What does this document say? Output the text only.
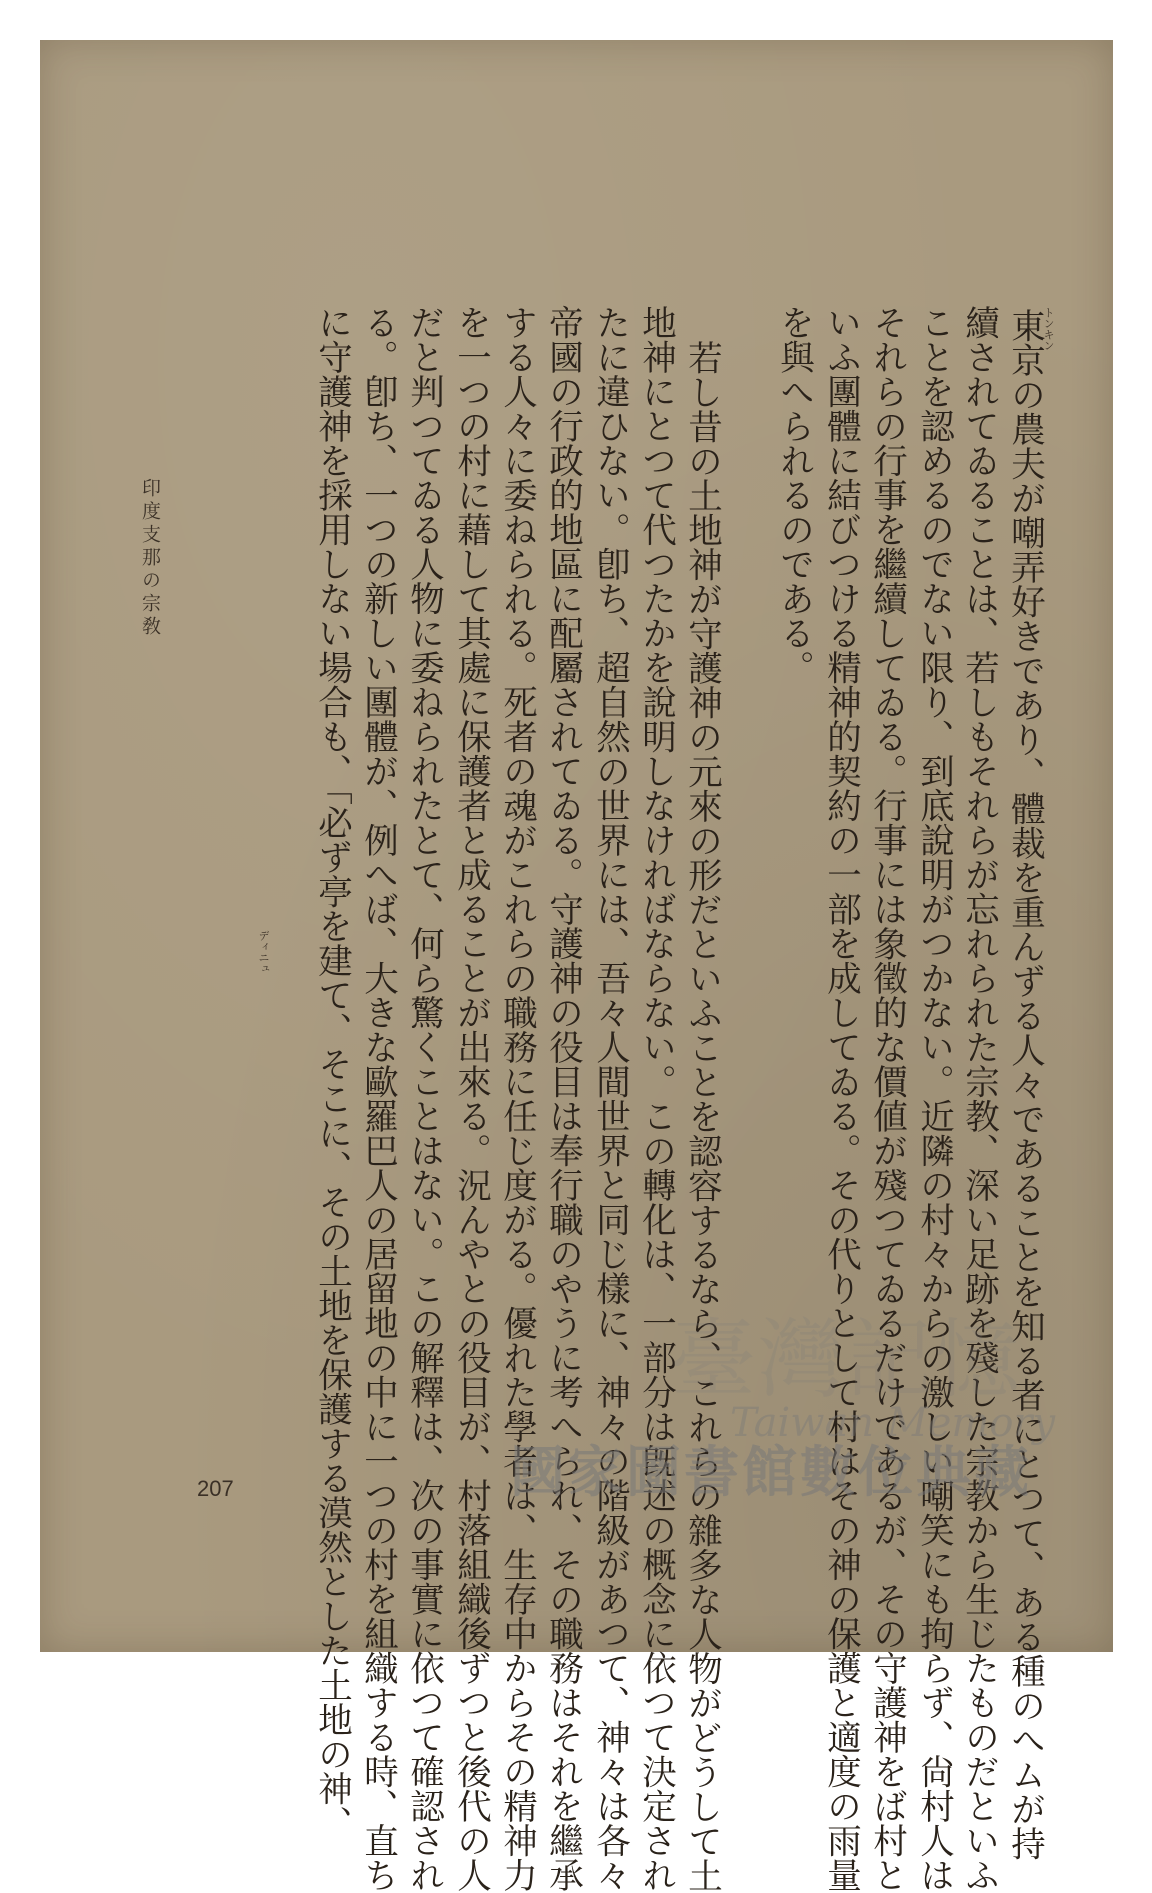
トンキン
ディニュ	東京の農夫が嘲弄好きであり、體裁を重んずる人々であることを知る者にとつて、ある種のへムが持
續されてゐることは、若しもそれらが忘れられた宗教、深い足跡を殘した宗教から生じたものだといふ
ことを認めるのでない限り、到底說明がつかない。近隣の村々からの激しい嘲笑にも拘らず、尙村人は
それらの行事を繼續してゐる。行事には象徵的な價値が殘つてゐるだけであるが、その守護神をば村と
いふ團體に結びつける精神的契約の一部を成してゐる。その代りとして村はその神の保護と適度の雨量
を與へられるのである。
若し昔の土地神が守護神の元來の形だといふことを認容するなら、これらの雜多な人物がどうして土
地神にとつて代つたかを說明しなければならない。この轉化は、一部分は旣述の概念に依つて決定され
たに違ひない。卽ち、超自然の世界には、吾々人間世界と同じ樣に、神々の階級があつて、神々は各々
帝國の行政的地區に配屬されてゐる。守護神の役目は奉行職のやうに考へられ、その職務はそれを繼承
する人々に委ねられる。死者の魂がこれらの職務に任じ度がる。優れた學者は、生存中からその精神力
を一つの村に藉して其處に保護者と成ることが出來る。況んやとの役目が、村落組織後ずつと後代の人
だと判つてゐる人物に委ねられたとて、何ら驚くことはない。この解釋は、次の事實に依つて確認され
る。卽ち、一つの新しい團體が、例へば、大きな歐羅巴人の居留地の中に一つの村を組織する時、直ち
に守護神を採用しない場合も、「必ず亭を建て、そこに、その土地を保護する漠然とした土地の神、
印度支那の宗敎
207
臺灣記憶
Taiwan Memory
國家圖書館數位典藏
